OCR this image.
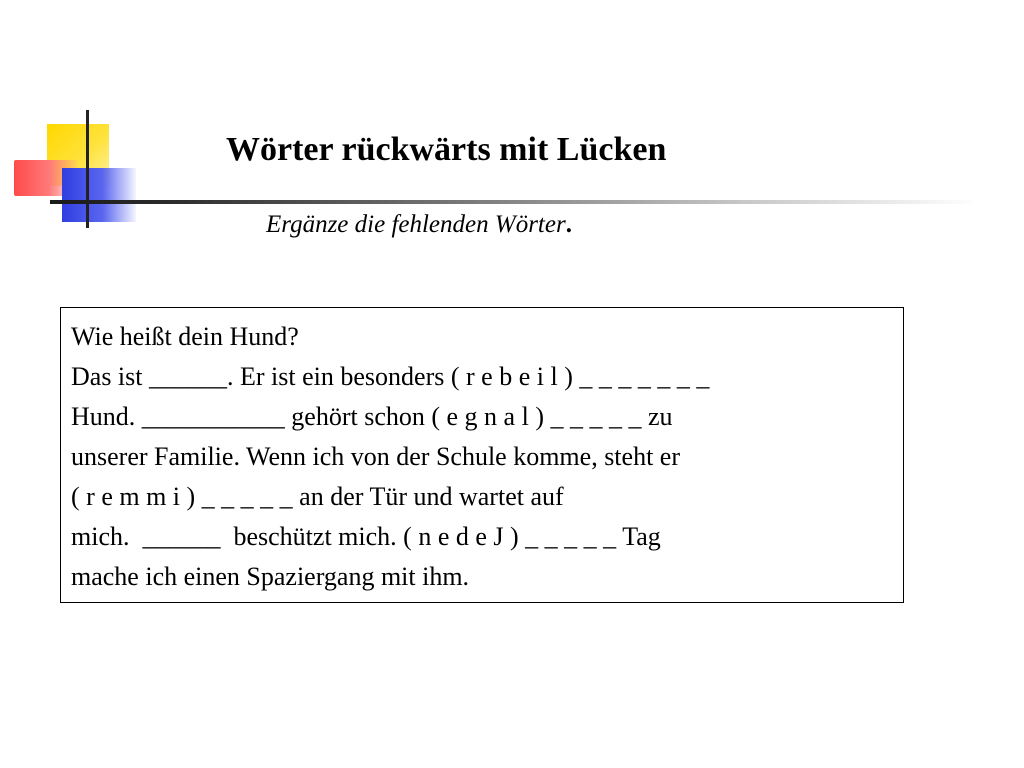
Wörter rückwärts mit Lücken
Ergänze die fehlenden Wörter.
Wie heißt dein Hund?
Das ist ______. Er ist ein besonders ( r e b e i l ) _ _ _ _ _ _ _
Hund. ___________ gehört schon ( e g n a l ) _ _ _ _ _ zu
unserer Familie. Wenn ich von der Schule komme, steht er
( r e m m i ) _ _ _ _ _ an der Tür und wartet auf
mich.  ______  beschützt mich. ( n e d e J ) _ _ _ _ _ Tag
mache ich einen Spaziergang mit ihm.
